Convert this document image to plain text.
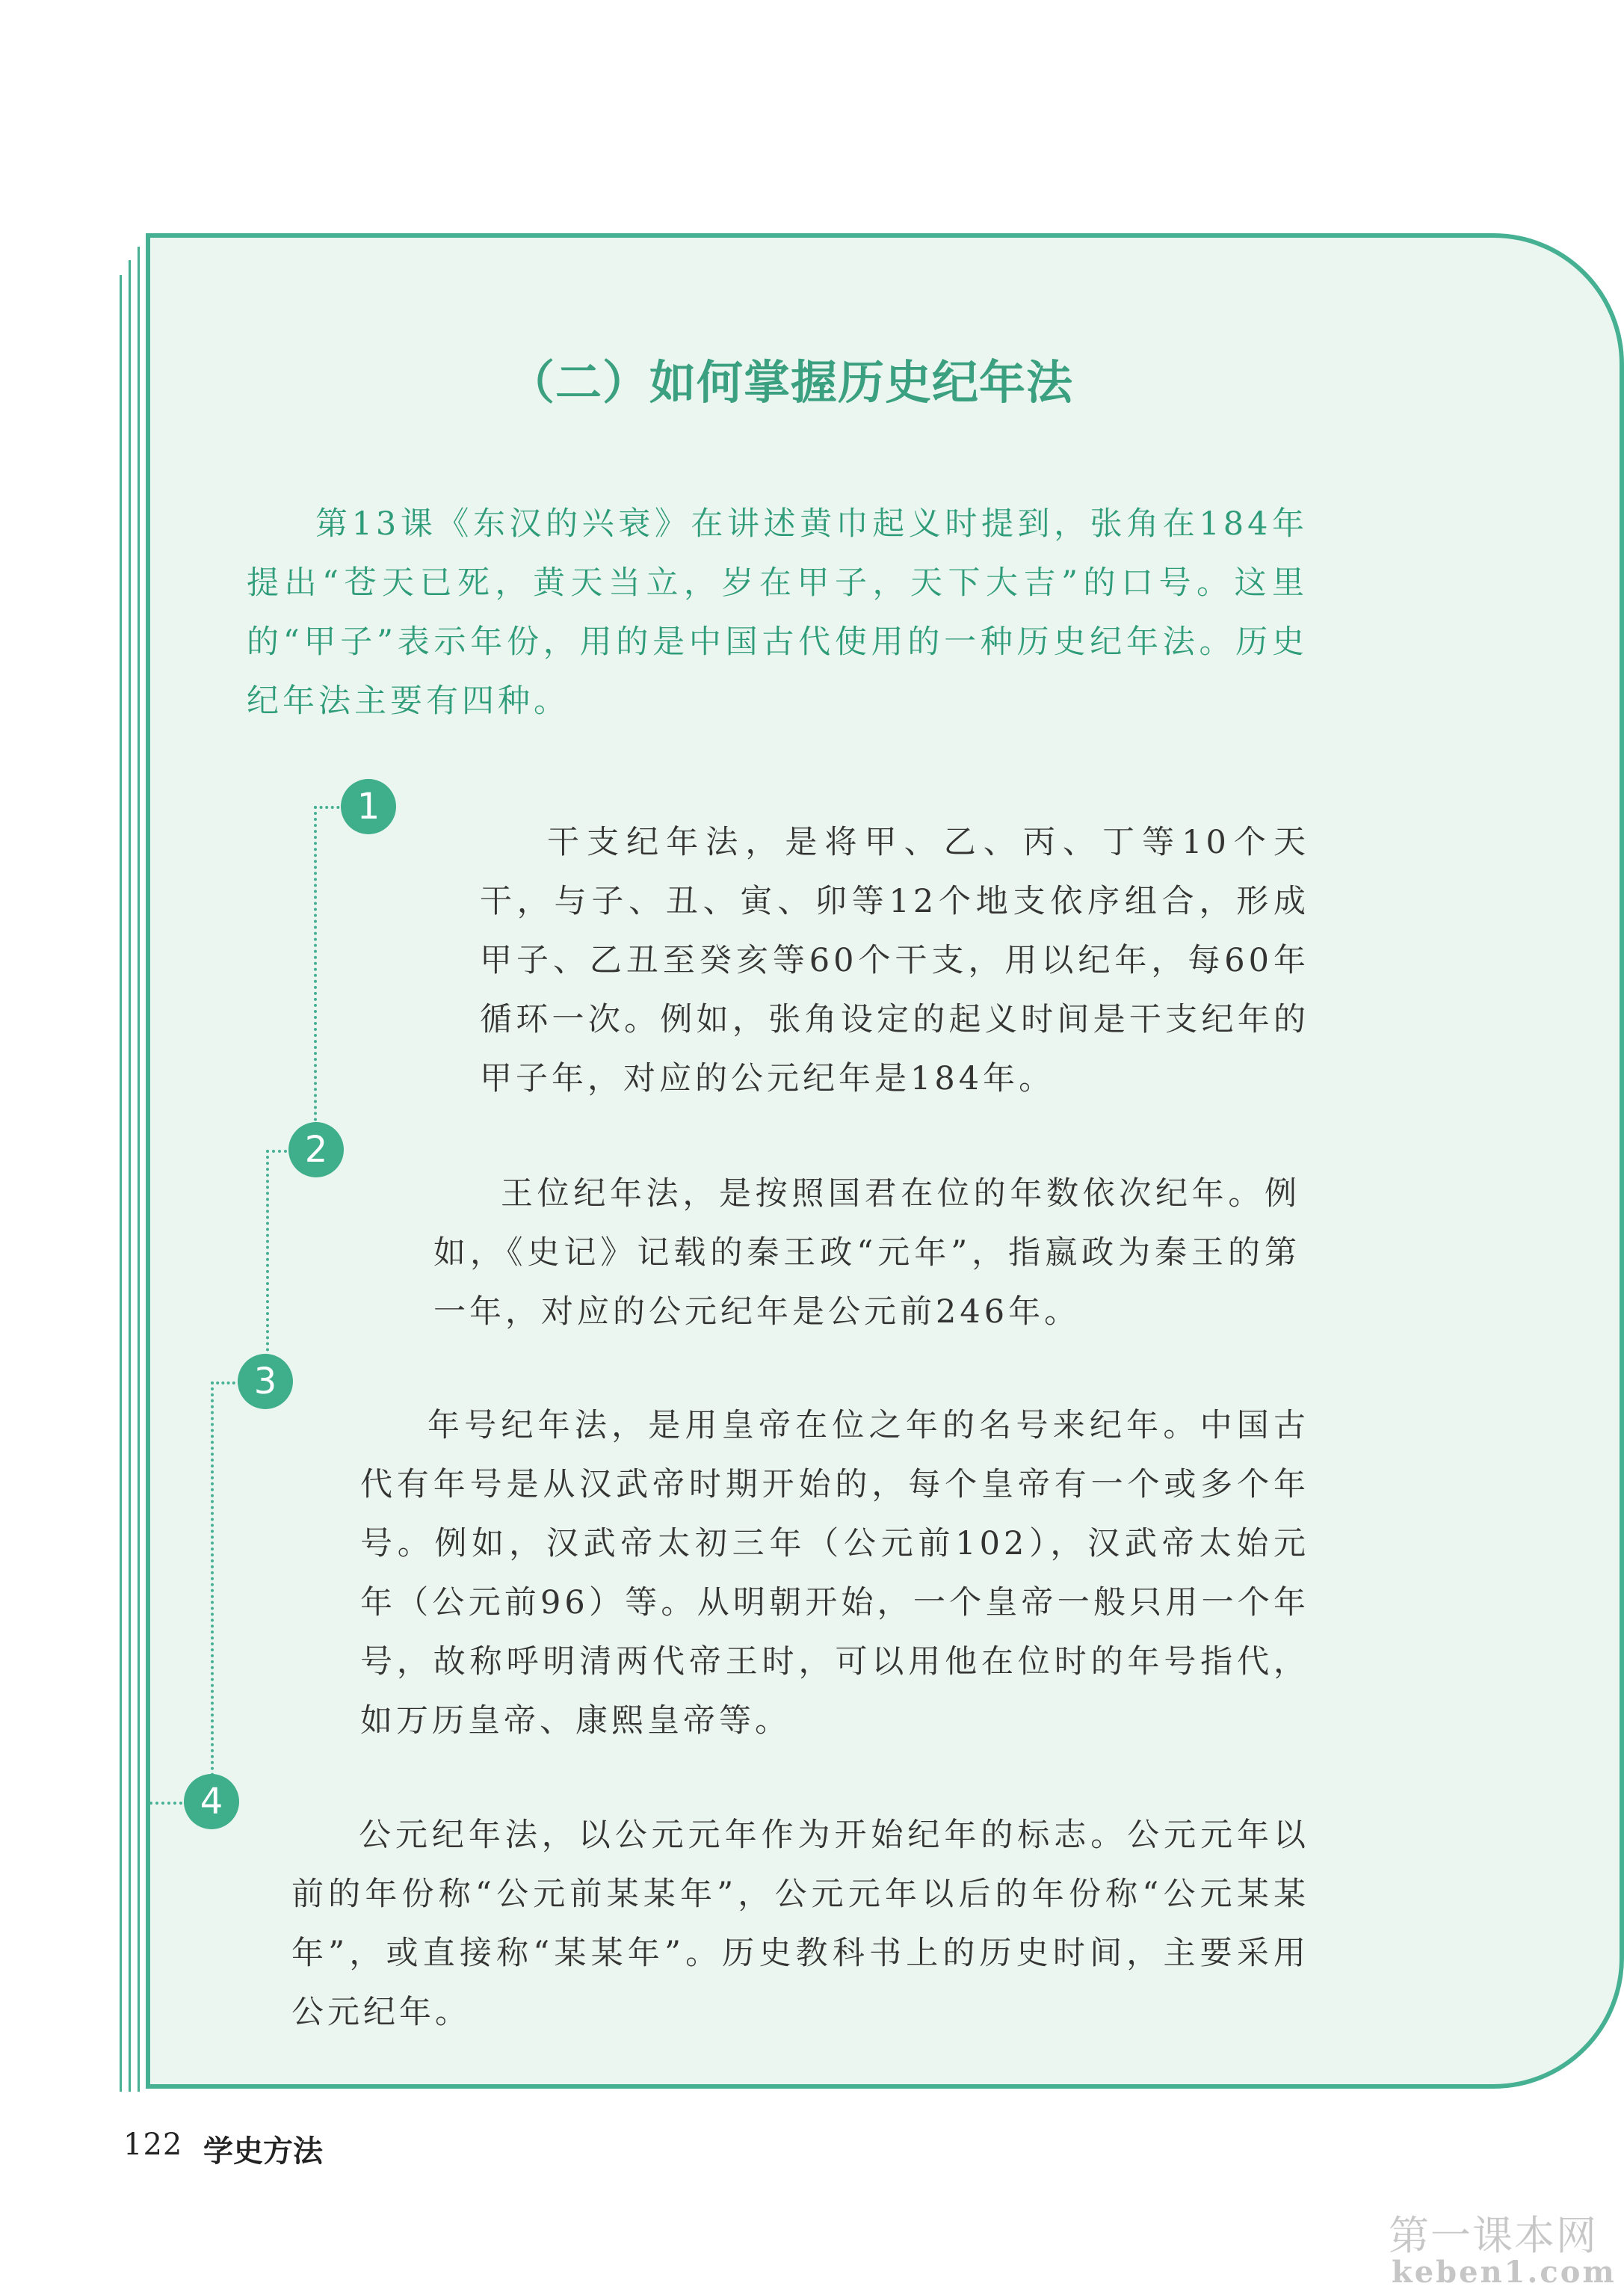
（二）如何掌握历史纪年法

第13课《东汉的兴衰》在讲述黄巾起义时提到，张角在184年提出“苍天已死，黄天当立，岁在甲子，天下大吉”的口号。这里的“甲子”表示年份，用的是中国古代使用的一种历史纪年法。历史纪年法主要有四种。

1
2
3
4

干支纪年法，是将甲、乙、丙、丁等10个天干，与子、丑、寅、卯等12个地支依序组合，形成甲子、乙丑至癸亥等60个干支，用以纪年，每60年循环一次。例如，张角设定的起义时间是干支纪年的甲子年，对应的公元纪年是184年。

王位纪年法，是按照国君在位的年数依次纪年。例如，《史记》记载的秦王政“元年”，指嬴政为秦王的第一年，对应的公元纪年是公元前246年。

年号纪年法，是用皇帝在位之年的名号来纪年。中国古代有年号是从汉武帝时期开始的，每个皇帝有一个或多个年号。例如，汉武帝太初三年（公元前102），汉武帝太始元年（公元前96）等。从明朝开始，一个皇帝一般只用一个年号，故称呼明清两代帝王时，可以用他在位时的年号指代，如万历皇帝、康熙皇帝等。

公元纪年法，以公元元年作为开始纪年的标志。公元元年以前的年份称“公元前某某年”，公元元年以后的年份称“公元某某年”，或直接称“某某年”。历史教科书上的历史时间，主要采用公元纪年。

122 学史方法
第一课本网
keben1.com
